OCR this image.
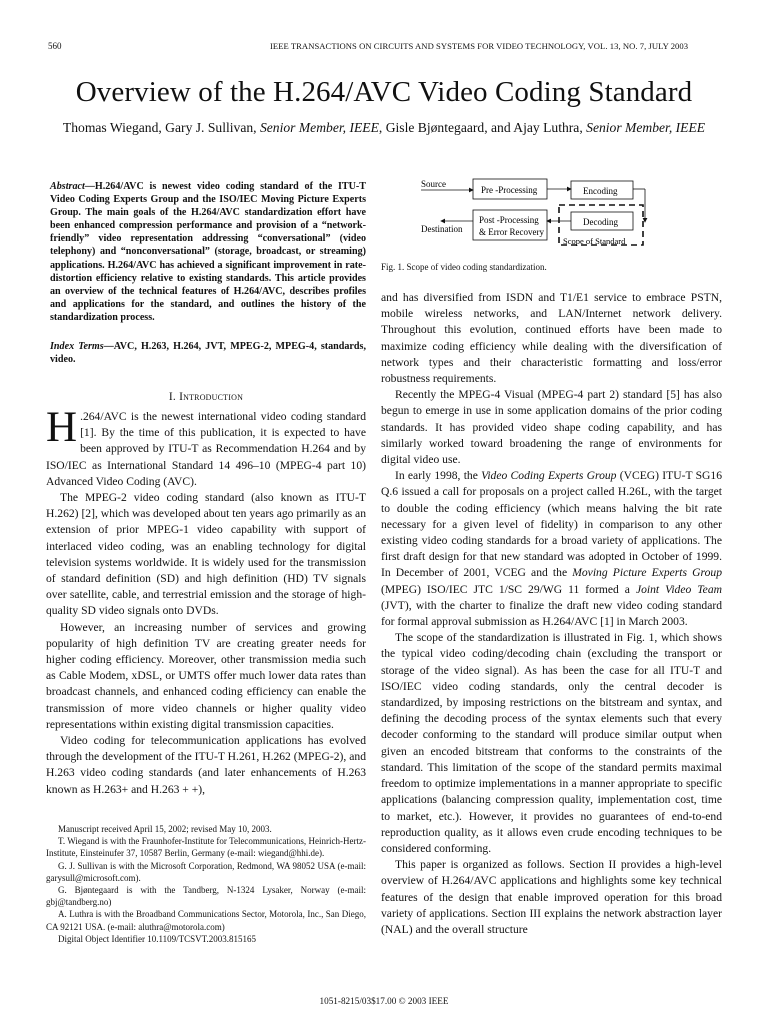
560	IEEE TRANSACTIONS ON CIRCUITS AND SYSTEMS FOR VIDEO TECHNOLOGY, VOL. 13, NO. 7, JULY 2003
Overview of the H.264/AVC Video Coding Standard
Thomas Wiegand, Gary J. Sullivan, Senior Member, IEEE, Gisle Bjøntegaard, and Ajay Luthra, Senior Member, IEEE
Abstract—H.264/AVC is newest video coding standard of the ITU-T Video Coding Experts Group and the ISO/IEC Moving Picture Experts Group. The main goals of the H.264/AVC standardization effort have been enhanced compression performance and provision of a “network-friendly” video representation addressing “conversational” (video telephony) and “nonconversational” (storage, broadcast, or streaming) applications. H.264/AVC has achieved a significant improvement in rate-distortion efficiency relative to existing standards. This article provides an overview of the technical features of H.264/AVC, describes profiles and applications for the standard, and outlines the history of the standardization process.
Index Terms—AVC, H.263, H.264, JVT, MPEG-2, MPEG-4, standards, video.
I. Introduction

H .264/AVC is the newest international video coding standard [1]. By the time of this publication, it is expected to have been approved by ITU-T as Recommendation H.264 and by ISO/IEC as International Standard 14 496–10 (MPEG-4 part 10) Advanced Video Coding (AVC).

The MPEG-2 video coding standard (also known as ITU-T H.262) [2], which was developed about ten years ago primarily as an extension of prior MPEG-1 video capability with support of interlaced video coding, was an enabling technology for digital television systems worldwide. It is widely used for the transmission of standard definition (SD) and high definition (HD) TV signals over satellite, cable, and terrestrial emission and the storage of high-quality SD video signals onto DVDs.

However, an increasing number of services and growing popularity of high definition TV are creating greater needs for higher coding efficiency. Moreover, other transmission media such as Cable Modem, xDSL, or UMTS offer much lower data rates than broadcast channels, and enhanced coding efficiency can enable the transmission of more video channels or higher quality video representations within existing digital transmission capacities.

Video coding for telecommunication applications has evolved through the development of the ITU-T H.261, H.262 (MPEG-2), and H.263 video coding standards (and later enhancements of H.263 known as H.263+ and H.263 + +),

Manuscript received April 15, 2002; revised May 10, 2003.

T. Wiegand is with the Fraunhofer-Institute for Telecommunications, Heinrich-Hertz-Institute, Einsteinufer 37, 10587 Berlin, Germany (e-mail: wiegand@hhi.de).

G. J. Sullivan is with the Microsoft Corporation, Redmond, WA 98052 USA (e-mail: garysull@microsoft.com).

G. Bjøntegaard is with the Tandberg, N-1324 Lysaker, Norway (e-mail: gbj@tandberg.no)

A. Luthra is with the Broadband Communications Sector, Motorola, Inc., San Diego, CA 92121 USA. (e-mail: aluthra@motorola.com)

Digital Object Identifier 10.1109/TCSVT.2003.815165

Source
Pre -Processing	Encoding
Decoding
Scope of Standard
Post -Processing
& Error Recovery
Destination
Fig. 1. Scope of video coding standardization.

and has diversified from ISDN and T1/E1 service to embrace PSTN, mobile wireless networks, and LAN/Internet network delivery. Throughout this evolution, continued efforts have been made to maximize coding efficiency while dealing with the diversification of network types and their characteristic formatting and loss/error robustness requirements.

Recently the MPEG-4 Visual (MPEG-4 part 2) standard [5] has also begun to emerge in use in some application domains of the prior coding standards. It has provided video shape coding capability, and has similarly worked toward broadening the range of environments for digital video use.

In early 1998, the Video Coding Experts Group (VCEG) ITU-T SG16 Q.6 issued a call for proposals on a project called H.26L, with the target to double the coding efficiency (which means halving the bit rate necessary for a given level of fidelity) in comparison to any other existing video coding standards for a broad variety of applications. The first draft design for that new standard was adopted in October of 1999. In December of 2001, VCEG and the Moving Picture Experts Group (MPEG) ISO/IEC JTC 1/SC 29/WG 11 formed a Joint Video Team (JVT), with the charter to finalize the draft new video coding standard for formal approval submission as H.264/AVC [1] in March 2003.

The scope of the standardization is illustrated in Fig. 1, which shows the typical video coding/decoding chain (excluding the transport or storage of the video signal). As has been the case for all ITU-T and ISO/IEC video coding standards, only the central decoder is standardized, by imposing restrictions on the bitstream and syntax, and defining the decoding process of the syntax elements such that every decoder conforming to the standard will produce similar output when given an encoded bitstream that conforms to the constraints of the standard. This limitation of the scope of the standard permits maximal freedom to optimize implementations in a manner appropriate to specific applications (balancing compression quality, implementation cost, time to market, etc.). However, it provides no guarantees of end-to-end reproduction quality, as it allows even crude encoding techniques to be considered conforming.

This paper is organized as follows. Section II provides a high-level overview of H.264/AVC applications and highlights some key technical features of the design that enable improved operation for this broad variety of applications. Section III explains the network abstraction layer (NAL) and the overall structure

1051-8215/03$17.00 © 2003 IEEE
